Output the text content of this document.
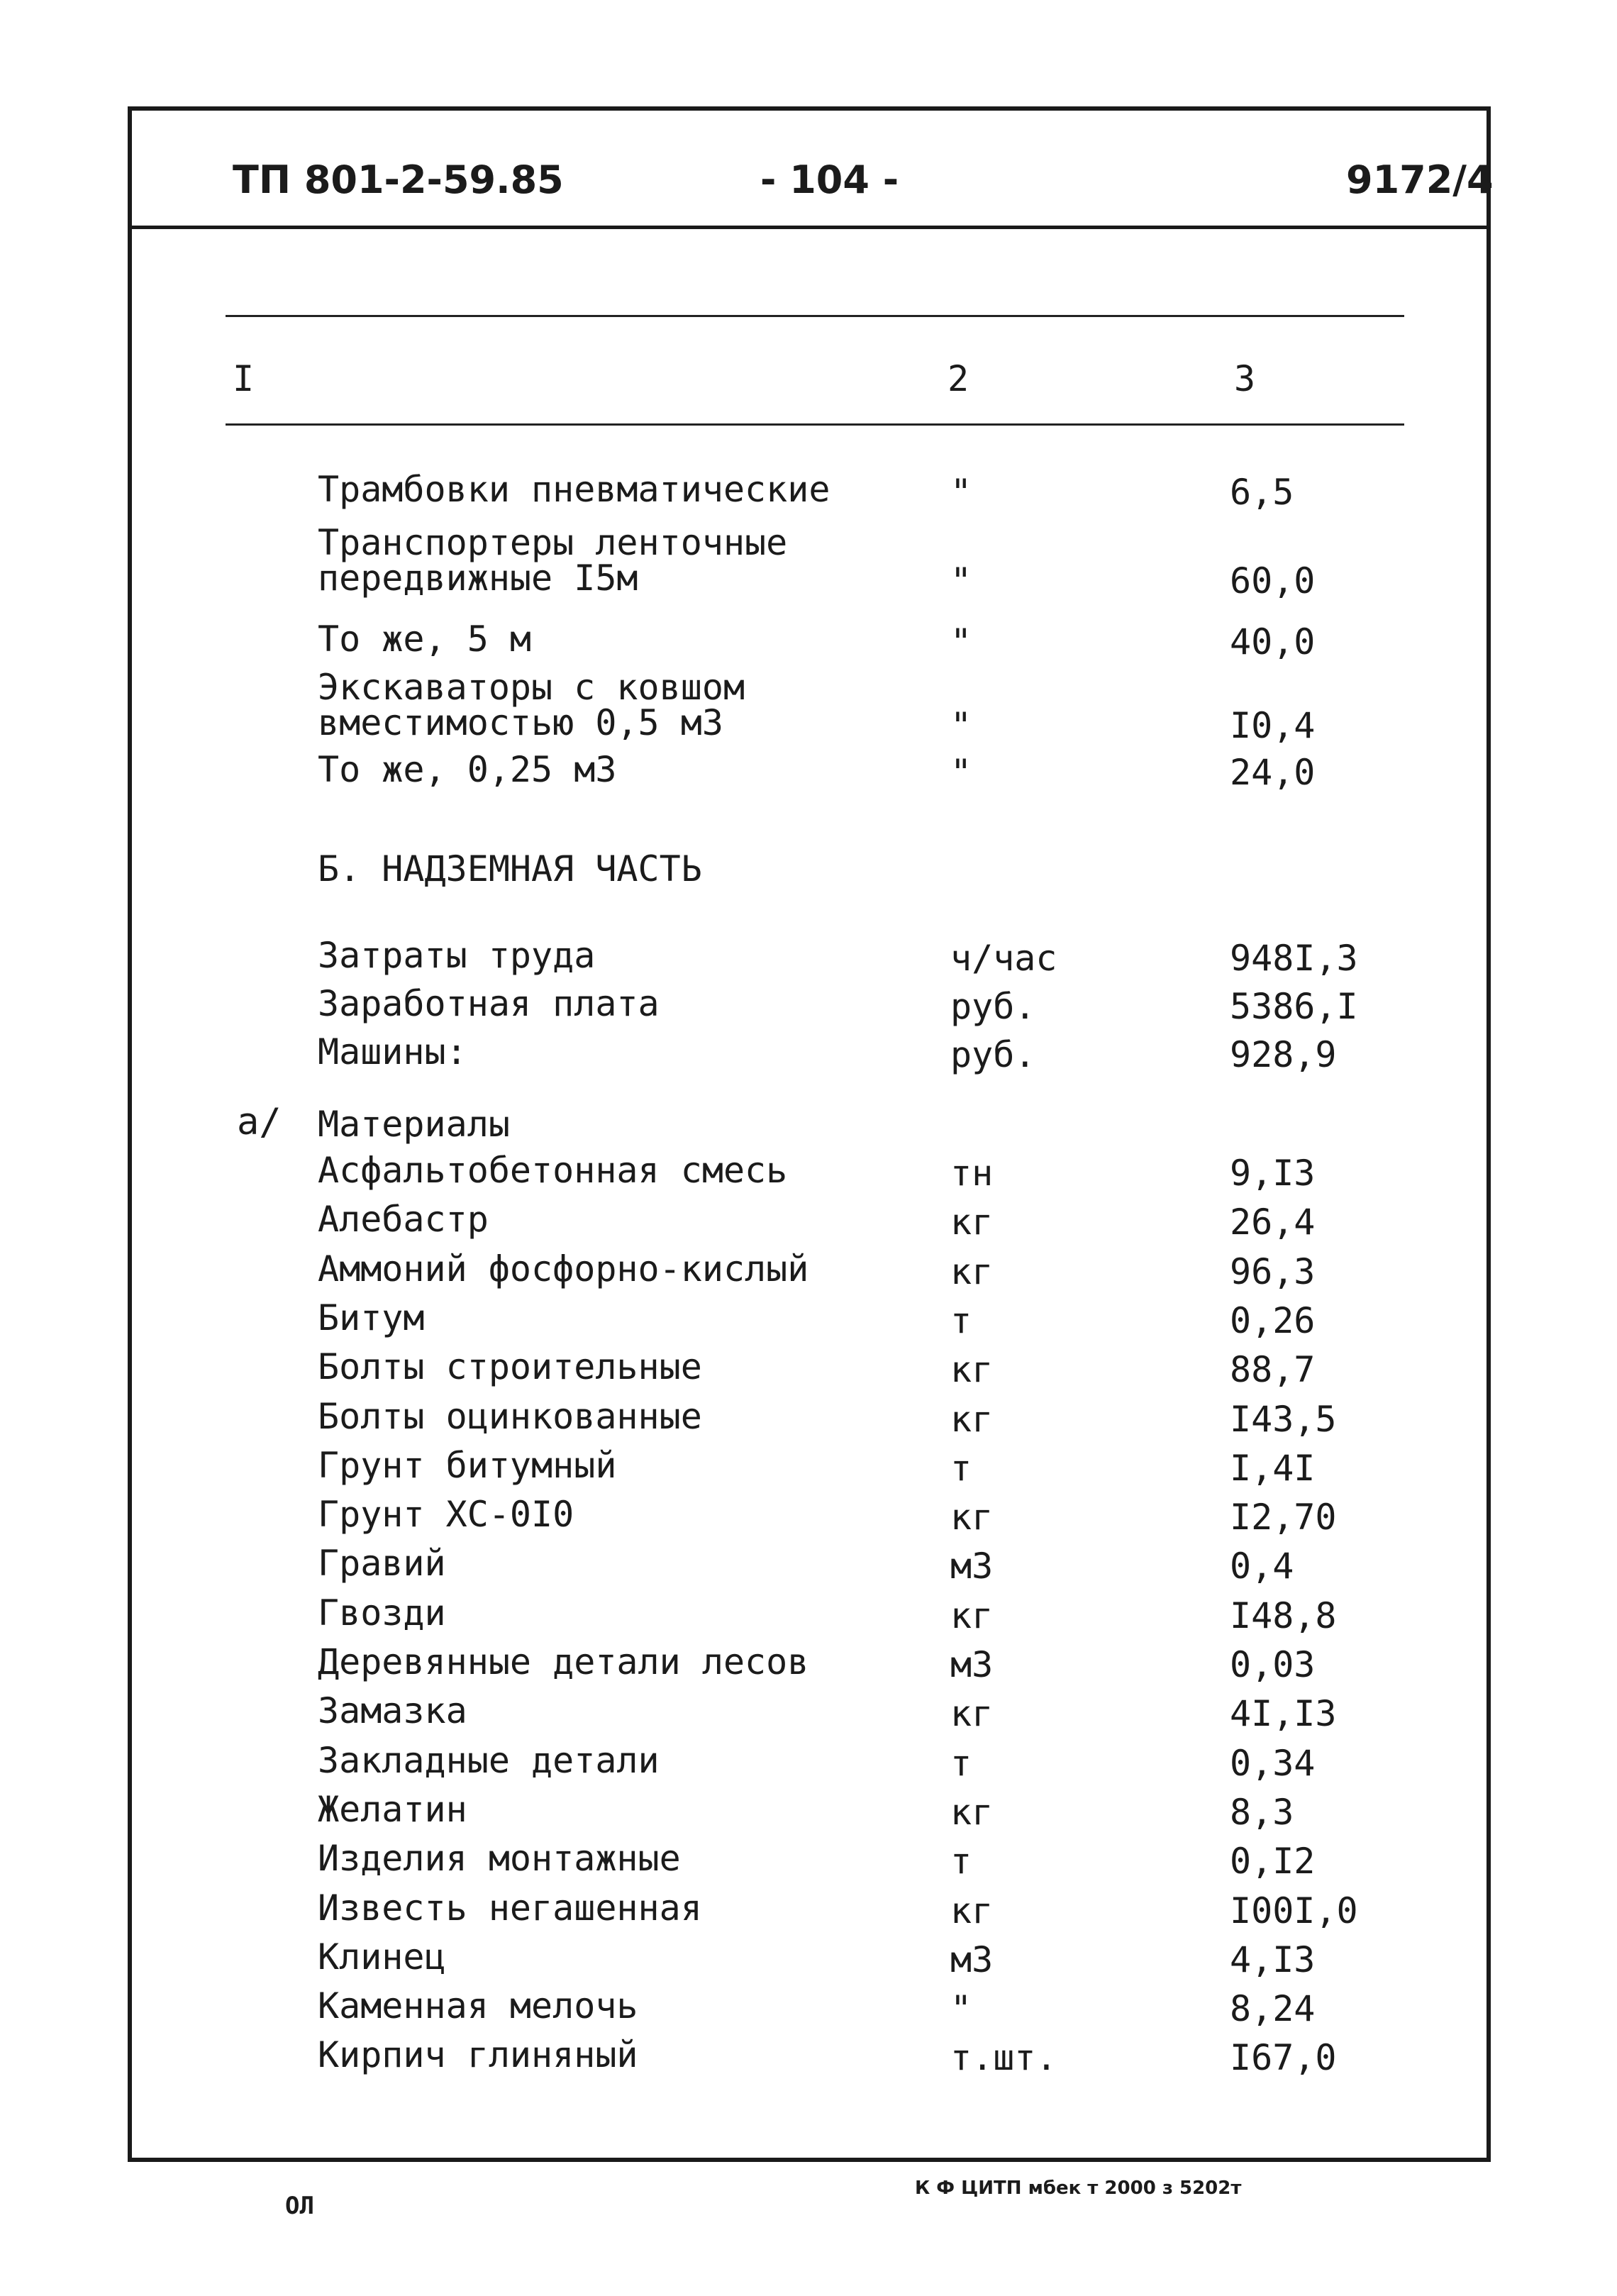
ТП 801-2-59.85	- 104 -	9172/4
I	2	3
Трамбовки пневматические	"	6,5
Транспортеры ленточные
передвижные I5м	"	60,0
То же, 5 м	"	40,0
Экскаваторы с ковшом
вместимостью 0,5 м3	"	I0,4
То же, 0,25 м3	"	24,0
Б. НАДЗЕМНАЯ ЧАСТЬ
Затраты труда	ч/час	948I,3
Заработная плата	руб.	5386,I
Машины:	руб.	928,9
а/ Материалы
Асфальтобетонная смесь	тн	9,I3
Алебастр	кг	26,4
Аммоний фосфорно-кислый	кг	96,3
Битум	т	0,26
Болты строительные	кг	88,7
Болты оцинкованные	кг	I43,5
Грунт битумный	т	I,4I
Грунт ХС-0I0	кг	I2,70
Гравий	м3	0,4
Гвозди	кг	I48,8
Деревянные детали лесов	м3	0,03
Замазка	кг	4I,I3
Закладные детали	т	0,34
Желатин	кг	8,3
Изделия монтажные	т	0,I2
Известь негашенная	кг	I00I,0
Клинец	м3	4,I3
Каменная мелочь	"	8,24
Кирпич глиняный	т.шт.	I67,0
ОЛ
К Ф ЦИТП мбек т 2000 з 5202т
